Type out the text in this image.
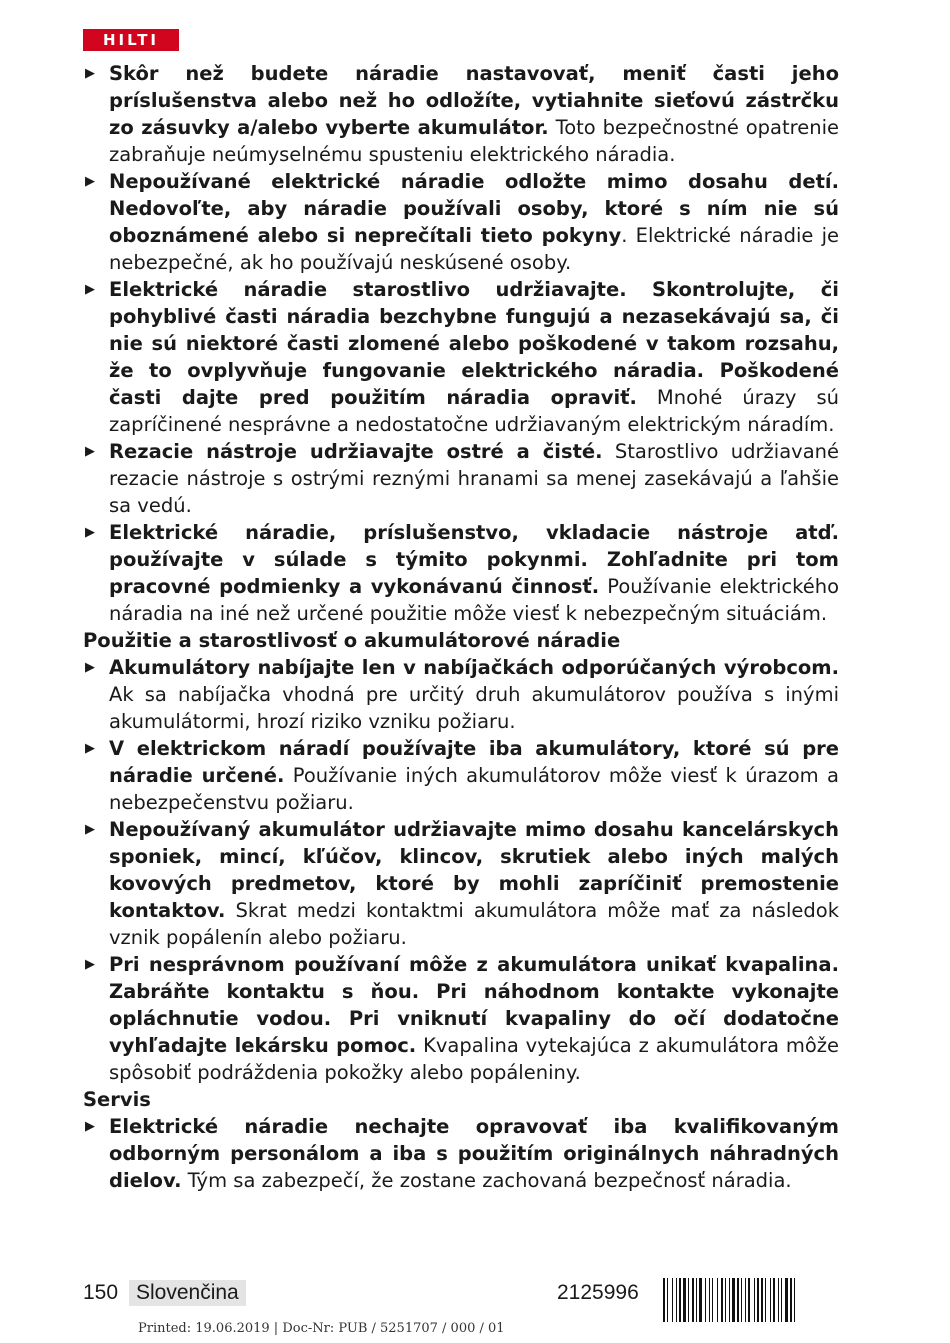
HILTI
▶ Skôr než budete náradie nastavovať, meniť časti jeho príslušenstva alebo než ho odložíte, vytiahnite sieťovú zástrčku zo zásuvky a/alebo vyberte akumulátor. Toto bezpečnostné opatrenie zabraňuje neúmyselnému spusteniu elektrického náradia.
▶ Nepoužívané elektrické náradie odložte mimo dosahu detí. Nedovoľte, aby náradie používali osoby, ktoré s ním nie sú oboznámené alebo si neprečítali tieto pokyny. Elektrické náradie je nebezpečné, ak ho používajú neskúsené osoby.
▶ Elektrické náradie starostlivo udržiavajte. Skontrolujte, či pohyblivé časti náradia bezchybne fungujú a nezasekávajú sa, či nie sú niektoré časti zlomené alebo poškodené v takom rozsahu, že to ovplyvňuje fungovanie elektrického náradia. Poškodené časti dajte pred použitím náradia opraviť. Mnohé úrazy sú zapríčinené nesprávne a nedostatočne udržiavaným elektrickým náradím.
▶ Rezacie nástroje udržiavajte ostré a čisté. Starostlivo udržiavané rezacie nástroje s ostrými reznými hranami sa menej zasekávajú a ľahšie sa vedú.
▶ Elektrické náradie, príslušenstvo, vkladacie nástroje atď. používajte v súlade s týmito pokynmi. Zohľadnite pri tom pracovné podmienky a vykonávanú činnosť. Používanie elektrického náradia na iné než určené použitie môže viesť k nebezpečným situáciám.
Použitie a starostlivosť o akumulátorové náradie
▶ Akumulátory nabíjajte len v nabíjačkách odporúčaných výrobcom. Ak sa nabíjačka vhodná pre určitý druh akumulátorov používa s inými akumulátormi, hrozí riziko vzniku požiaru.
▶ V elektrickom náradí používajte iba akumulátory, ktoré sú pre náradie určené. Používanie iných akumulátorov môže viesť k úrazom a nebezpečenstvu požiaru.
▶ Nepoužívaný akumulátor udržiavajte mimo dosahu kancelárskych sponiek, mincí, kľúčov, klincov, skrutiek alebo iných malých kovových predmetov, ktoré by mohli zapríčiniť premostenie kontaktov. Skrat medzi kontaktmi akumulátora môže mať za následok vznik popálenín alebo požiaru.
▶ Pri nesprávnom používaní môže z akumulátora unikať kvapalina. Zabráňte kontaktu s ňou. Pri náhodnom kontakte vykonajte opláchnutie vodou. Pri vniknutí kvapaliny do očí dodatočne vyhľadajte lekársku pomoc. Kvapalina vytekajúca z akumulátora môže spôsobiť podráždenia pokožky alebo popáleniny.
Servis
▶ Elektrické náradie nechajte opravovať iba kvalifikovaným odborným personálom a iba s použitím originálnych náhradných dielov. Tým sa zabezpečí, že zostane zachovaná bezpečnosť náradia.
150 Slovenčina	2125996
Printed: 19.06.2019 | Doc-Nr: PUB / 5251707 / 000 / 01
